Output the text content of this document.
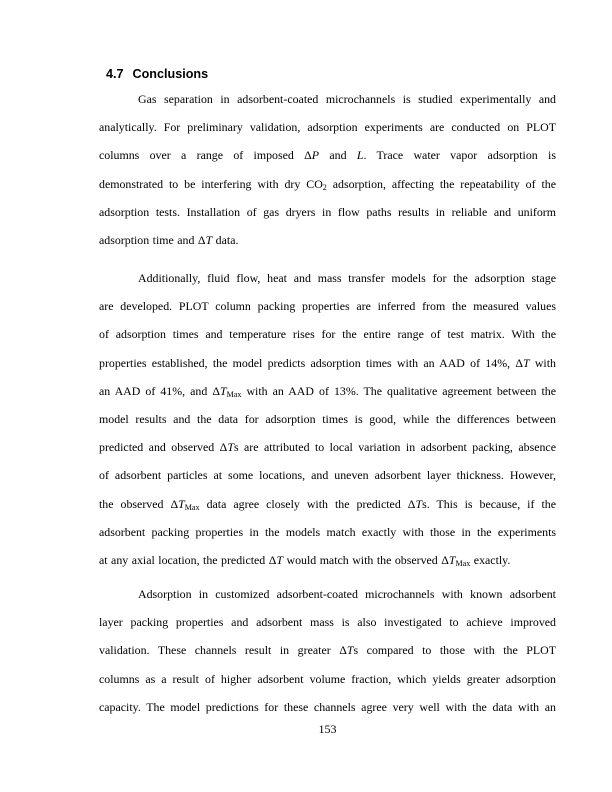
4.7 Conclusions
Gas separation in adsorbent-coated microchannels is studied experimentally and
analytically. For preliminary validation, adsorption experiments are conducted on PLOT
columns over a range of imposed ΔP and L. Trace water vapor adsorption is
demonstrated to be interfering with dry $CO_2$ adsorption, affecting the repeatability of the
adsorption tests. Installation of gas dryers in flow paths results in reliable and uniform
adsorption time and ΔT data.
Additionally, fluid flow, heat and mass transfer models for the adsorption stage
are developed. PLOT column packing properties are inferred from the measured values
of adsorption times and temperature rises for the entire range of test matrix. With the
properties established, the model predicts adsorption times with an AAD of 14%, ΔT with
an AAD of 41%, and $\Delta T_{Max}$ with an AAD of 13%. The qualitative agreement between the
model results and the data for adsorption times is good, while the differences between
predicted and observed ΔTs are attributed to local variation in adsorbent packing, absence
of adsorbent particles at some locations, and uneven adsorbent layer thickness. However,
the observed $\Delta T_{Max}$ data agree closely with the predicted ΔTs. This is because, if the
adsorbent packing properties in the models match exactly with those in the experiments
at any axial location, the predicted ΔT would match with the observed $\Delta T_{Max}$ exactly.
Adsorption in customized adsorbent-coated microchannels with known adsorbent
layer packing properties and adsorbent mass is also investigated to achieve improved
validation. These channels result in greater ΔTs compared to those with the PLOT
columns as a result of higher adsorbent volume fraction, which yields greater adsorption
capacity. The model predictions for these channels agree very well with the data with an
153
